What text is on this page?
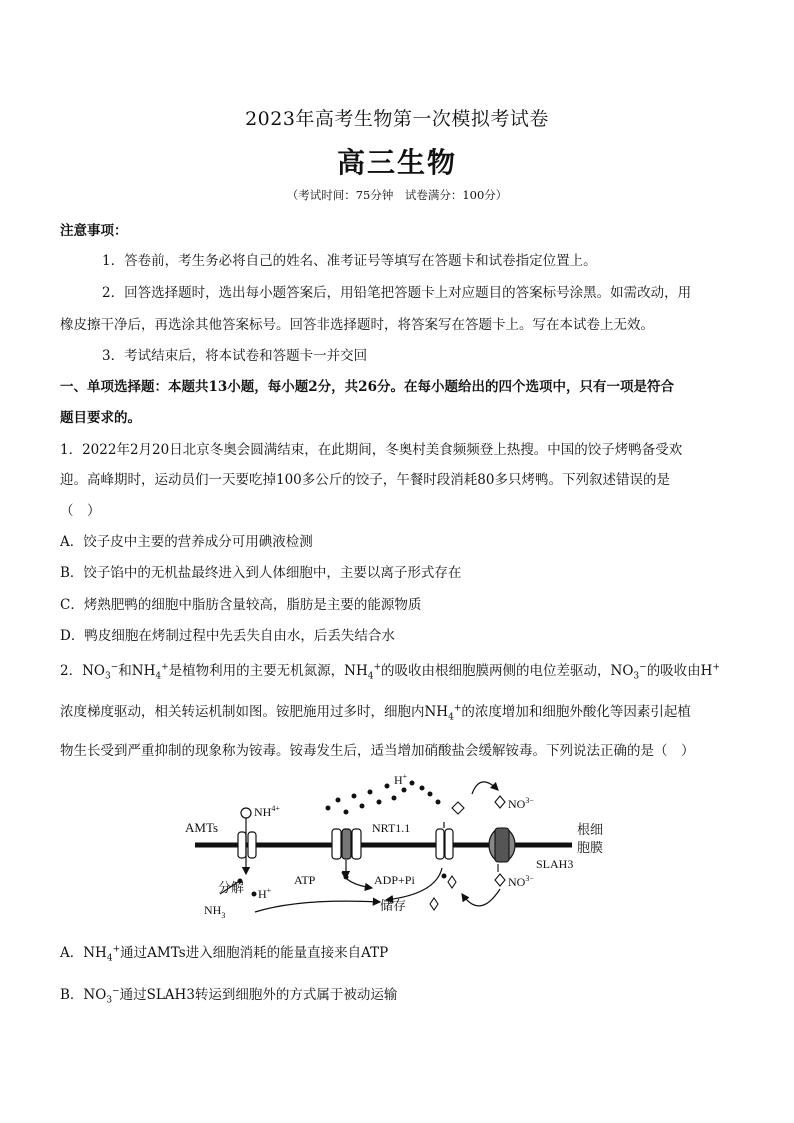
2023年高考生物第一次模拟考试卷
高三生物
（考试时间：75分钟　试卷满分：100分）
注意事项：
1．答卷前，考生务必将自己的姓名、准考证号等填写在答题卡和试卷指定位置上。
2．回答选择题时，选出每小题答案后，用铅笔把答题卡上对应题目的答案标号涂黑。如需改动，用
橡皮擦干净后，再选涂其他答案标号。回答非选择题时，将答案写在答题卡上。写在本试卷上无效。
3．考试结束后，将本试卷和答题卡一并交回
一、单项选择题：本题共13小题，每小题2分，共26分。在每小题给出的四个选项中，只有一项是符合
题目要求的。
1．2022年2月20日北京冬奥会圆满结束，在此期间，冬奥村美食频频登上热搜。中国的饺子烤鸭备受欢
迎。高峰期时，运动员们一天要吃掉100多公斤的饺子，午餐时段消耗80多只烤鸭。下列叙述错误的是
（　）
A．饺子皮中主要的营养成分可用碘液检测
B．饺子馅中的无机盐最终进入到人体细胞中，主要以离子形式存在
C．烤熟肥鸭的细胞中脂肪含量较高，脂肪是主要的能源物质
D．鸭皮细胞在烤制过程中先丢失自由水，后丢失结合水
2．$NO_3^-$和$NH_4^+$是植物利用的主要无机氮源，$NH_4^+$的吸收由根细胞膜两侧的电位差驱动，$NO_3^-$的吸收由H+
浓度梯度驱动，相关转运机制如图。铵肥施用过多时，细胞内$NH_4^+$的浓度增加和细胞外酸化等因素引起植
物生长受到严重抑制的现象称为铵毒。铵毒发生后，适当增加硝酸盐会缓解铵毒。下列说法正确的是（　）
AMTs
$NH^{4+}$
H+
NRT1.1
$NO^{3-}$
根细
胞膜
SLAH3
$NO^{3-}$
分解 H+
$NH_3$
ATP	ADP+Pi
储存
A．$NH_4^+$通过AMTs进入细胞消耗的能量直接来自ATP
B．$NO_3^-$通过SLAH3转运到细胞外的方式属于被动运输
